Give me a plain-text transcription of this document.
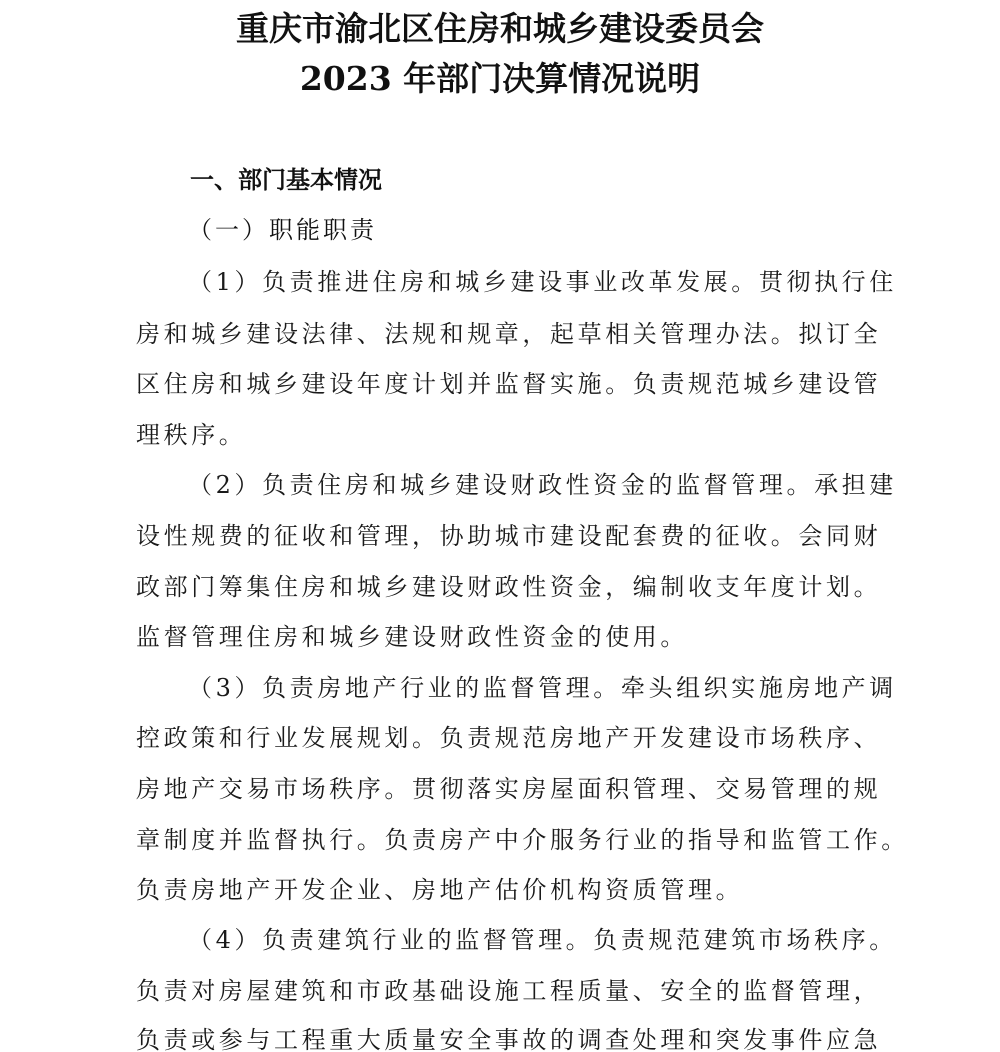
重庆市渝北区住房和城乡建设委员会
2023 年部门决算情况说明
一、部门基本情况
（一）职能职责
（1）负责推进住房和城乡建设事业改革发展。贯彻执行住
房和城乡建设法律、法规和规章，起草相关管理办法。拟订全
区住房和城乡建设年度计划并监督实施。负责规范城乡建设管
理秩序。
（2）负责住房和城乡建设财政性资金的监督管理。承担建
设性规费的征收和管理，协助城市建设配套费的征收。会同财
政部门筹集住房和城乡建设财政性资金，编制收支年度计划。
监督管理住房和城乡建设财政性资金的使用。
（3）负责房地产行业的监督管理。牵头组织实施房地产调
控政策和行业发展规划。负责规范房地产开发建设市场秩序、
房地产交易市场秩序。贯彻落实房屋面积管理、交易管理的规
章制度并监督执行。负责房产中介服务行业的指导和监管工作。
负责房地产开发企业、房地产估价机构资质管理。
（4）负责建筑行业的监督管理。负责规范建筑市场秩序。
负责对房屋建筑和市政基础设施工程质量、安全的监督管理，
负责或参与工程重大质量安全事故的调查处理和突发事件应急
